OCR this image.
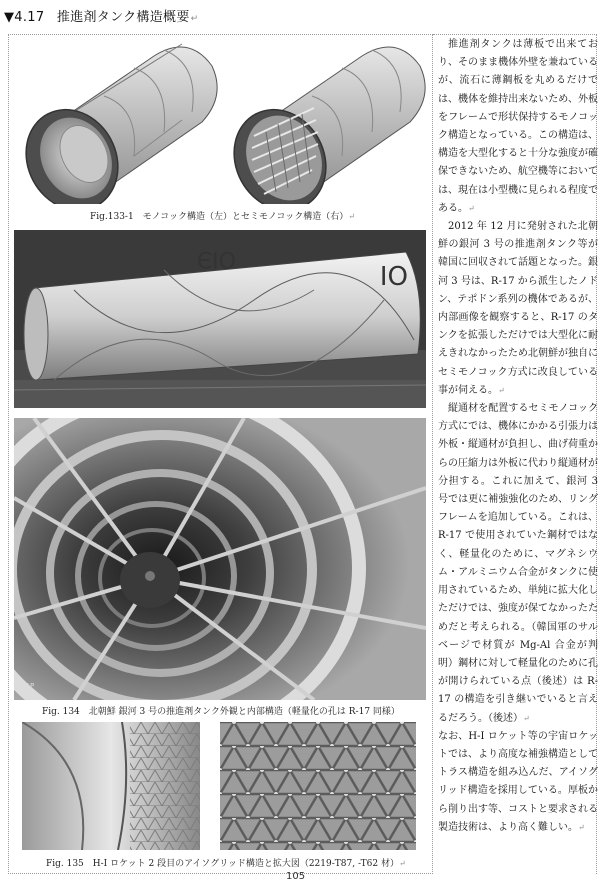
▼4.17 推進剤タンク構造概要↵
Fig.133-1　モノコック構造（左）とセミモノコック構造（右）↵
OIЭ
OI
© AP
Fig. 134　北朝鮮 銀河 3 号の推進剤タンク外観と内部構造（軽量化の孔は R-17 同様）
Fig. 135　H-I ロケット 2 段目のアイソグリッド構造と拡大図（2219-T87, -T62 材）↵

推進剤タンクは薄板で出来ており、そのまま機体外壁を兼ねているが、流石に薄鋼板を丸めるだけでは、機体を維持出来ないため、外板をフレームで形状保持するモノコック構造となっている。この構造は、構造を大型化すると十分な強度が確保できないため、航空機等においては、現在は小型機に見られる程度である。↵

2012 年 12 月に発射された北朝鮮の銀河 3 号の推進剤タンク等が韓国に回収されて話題となった。銀河 3 号は、R-17 から派生したノドン、テポドン系列の機体であるが、内部画像を観察すると、R-17 のタンクを拡張しただけでは大型化に耐えきれなかったため北朝鮮が独自にセミモノコック方式に改良している事が伺える。↵

縦通材を配置するセミモノコック方式にでは、機体にかかる引張力は外板・縦通材が負担し、曲げ荷重からの圧縮力は外板に代わり縦通材が分担する。これに加えて、銀河 3 号では更に補強強化のため、リングフレームを追加している。これは、R-17 で使用されていた鋼材ではなく、軽量化のために、マグネシウム・アルミニウム合金がタンクに使用されているため、単純に拡大化しただけでは、強度が保てなかったためだと考えられる。（韓国軍のサルベージで材質が Mg-Al 合金が判明）鋼材に対して軽量化のために孔が開けられている点（後述）は R-17 の構造を引き継いでいると言えるだろう。（後述）↵

なお、H-I ロケット等の宇宙ロケットでは、より高度な補強構造としてトラス構造を組み込んだ、アイソグリッド構造を採用している。厚板から削り出す等、コストと要求される製造技術は、より高く難しい。↵

105
